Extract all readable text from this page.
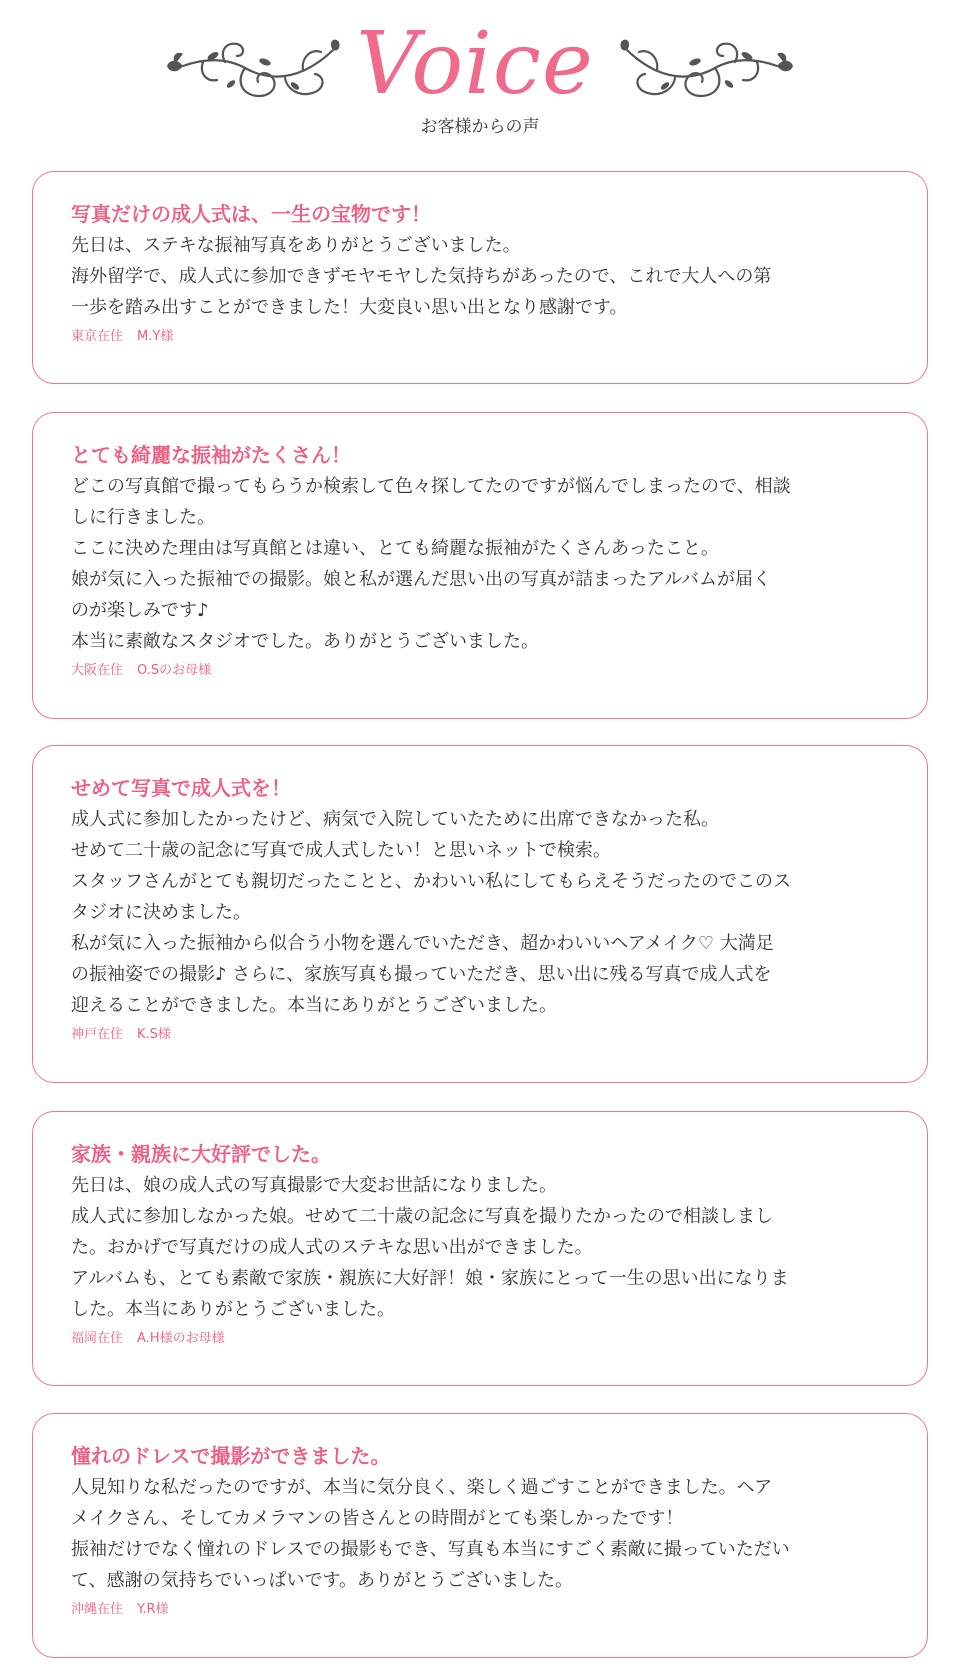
Voice
お客様からの声
写真だけの成人式は、一生の宝物です！
先日は、ステキな振袖写真をありがとうございました。
海外留学で、成人式に参加できずモヤモヤした気持ちがあったので、これで大人への第
一歩を踏み出すことができました！大変良い思い出となり感謝です。
東京在住 M.Y様
とても綺麗な振袖がたくさん！
どこの写真館で撮ってもらうか検索して色々探してたのですが悩んでしまったので、相談
しに行きました。
ここに決めた理由は写真館とは違い、とても綺麗な振袖がたくさんあったこと。
娘が気に入った振袖での撮影。娘と私が選んだ思い出の写真が詰まったアルバムが届く
のが楽しみです♪
本当に素敵なスタジオでした。ありがとうございました。
大阪在住 O.Sのお母様
せめて写真で成人式を！
成人式に参加したかったけど、病気で入院していたために出席できなかった私。
せめて二十歳の記念に写真で成人式したい！と思いネットで検索。
スタッフさんがとても親切だったことと、かわいい私にしてもらえそうだったのでこのス
タジオに決めました。
私が気に入った振袖から似合う小物を選んでいただき、超かわいいヘアメイク♡ 大満足
の振袖姿での撮影♪ さらに、家族写真も撮っていただき、思い出に残る写真で成人式を
迎えることができました。本当にありがとうございました。
神戸在住 K.S様
家族・親族に大好評でした。
先日は、娘の成人式の写真撮影で大変お世話になりました。
成人式に参加しなかった娘。せめて二十歳の記念に写真を撮りたかったので相談しまし
た。おかげで写真だけの成人式のステキな思い出ができました。
アルバムも、とても素敵で家族・親族に大好評！娘・家族にとって一生の思い出になりま
した。本当にありがとうございました。
福岡在住 A.H様のお母様
憧れのドレスで撮影ができました。
人見知りな私だったのですが、本当に気分良く、楽しく過ごすことができました。ヘア
メイクさん、そしてカメラマンの皆さんとの時間がとても楽しかったです！
振袖だけでなく憧れのドレスでの撮影もでき、写真も本当にすごく素敵に撮っていただい
て、感謝の気持ちでいっぱいです。ありがとうございました。
沖縄在住 Y.R様
